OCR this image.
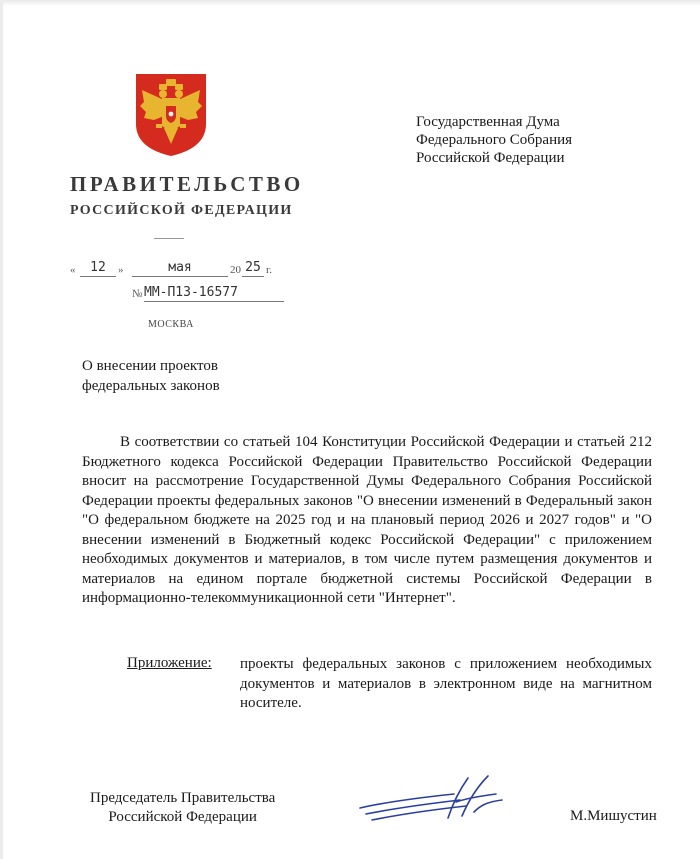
ПРАВИТЕЛЬСТВО
РОССИЙСКОЙ ФЕДЕРАЦИИ
Государственная Дума
Федерального Собрания
Российской Федерации
«	12	»	мая	20 25 г.
№ ММ-П13-16577
МОСКВА
О внесении проектов
федеральных законов
В соответствии со статьей 104 Конституции Российской Федерации и статьей 212 Бюджетного кодекса Российской Федерации Правительство Российской Федерации вносит на рассмотрение Государственной Думы Федерального Собрания Российской Федерации проекты федеральных законов "О внесении изменений в Федеральный закон "О федеральном бюджете на 2025 год и на плановый период 2026 и 2027 годов" и "О внесении изменений в Бюджетный кодекс Российской Федерации" с приложением необходимых документов и материалов, в том числе путем размещения документов и материалов на едином портале бюджетной системы Российской Федерации в информационно-телекоммуникационной сети "Интернет".
Приложение: проекты федеральных законов с приложением необходимых документов и материалов в электронном виде на магнитном носителе.
Председатель Правительства
Российской Федерации	М.Мишустин
